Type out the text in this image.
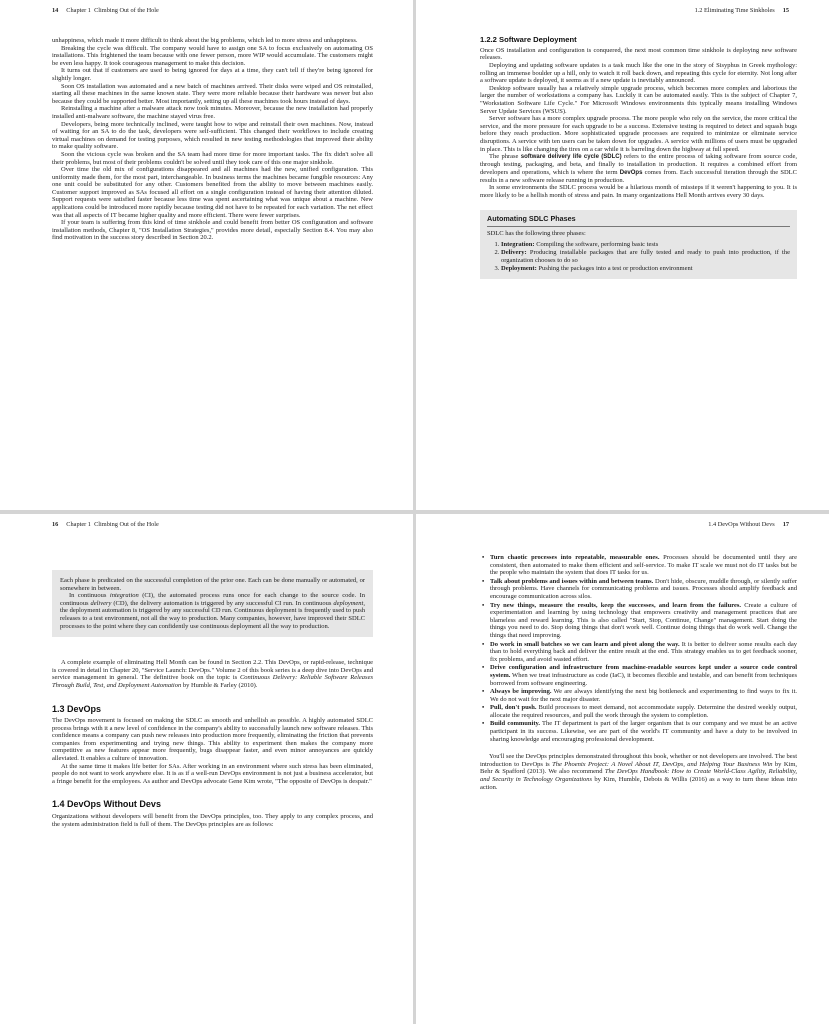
14 Chapter 1
Climbing Out of the Hole

unhappiness, which made it more difficult to think about the big problems, which led to more stress and unhappiness.

Breaking the cycle was difficult. The company would have to assign one SA to focus exclusively on automating OS installations. This frightened the team because with one fewer person, more WIP would accumulate. The customers might be even less happy. It took courageous management to make this decision.

It turns out that if customers are used to being ignored for days at a time, they can't tell if they're being ignored for slightly longer.

Soon OS installation was automated and a new batch of machines arrived. Their disks were wiped and OS reinstalled, starting all these machines in the same known state. They were more reliable because their hardware was newer but also because they could be supported better. Most importantly, setting up all these machines took hours instead of days.

Reinstalling a machine after a malware attack now took minutes. Moreover, because the new installation had properly installed anti-malware software, the machine stayed virus free.

Developers, being more technically inclined, were taught how to wipe and reinstall their own machines. Now, instead of waiting for an SA to do the task, developers were self-sufficient. This changed their workflows to include creating virtual machines on demand for testing purposes, which resulted in new testing methodologies that improved their ability to make quality software.

Soon the vicious cycle was broken and the SA team had more time for more important tasks. The fix didn't solve all their problems, but most of their problems couldn't be solved until they took care of this one major sinkhole.

Over time the old mix of configurations disappeared and all machines had the new, unified configuration. This uniformity made them, for the most part, interchangeable. In business terms the machines became fungible resources: Any one unit could be substituted for any other. Customers benefited from the ability to move between machines easily. Customer support improved as SAs focused all effort on a single configuration instead of having their attention diluted. Support requests were satisfied faster because less time was spent ascertaining what was unique about a machine. New applications could be introduced more rapidly because testing did not have to be repeated for each variation. The net effect was that all aspects of IT became higher quality and more efficient. There were fewer surprises.

If your team is suffering from this kind of time sinkhole and could benefit from better OS configuration and software installation methods, Chapter 8, "OS Installation Strategies," provides more detail, especially Section 8.4. You may also find motivation in the success story described in Section 20.2.

1.2 Eliminating Time Sinkholes 15
1.2.2 Software Deployment

Once OS installation and configuration is conquered, the next most common time sinkhole is deploying new software releases.

Deploying and updating software updates is a task much like the one in the story of Sisyphus in Greek mythology: rolling an immense boulder up a hill, only to watch it roll back down, and repeating this cycle for eternity. Not long after a software update is deployed, it seems as if a new update is inevitably announced.

Desktop software usually has a relatively simple upgrade process, which becomes more complex and laborious the larger the number of workstations a company has. Luckily it can be automated easily. This is the subject of Chapter 7, "Workstation Software Life Cycle." For Microsoft Windows environments this typically means installing Windows Server Update Services (WSUS).

Server software has a more complex upgrade process. The more people who rely on the service, the more critical the service, and the more pressure for each upgrade to be a success. Extensive testing is required to detect and squash bugs before they reach production. More sophisticated upgrade processes are required to minimize or eliminate service disruptions. A service with ten users can be taken down for upgrades. A service with millions of users must be upgraded in place. This is like changing the tires on a car while it is barreling down the highway at full speed.

The phrase software delivery life cycle (SDLC) refers to the entire process of taking software from source code, through testing, packaging, and beta, and finally to installation in production. It requires a combined effort from developers and operations, which is where the term DevOps comes from. Each successful iteration through the SDLC results in a new software release running in production.

In some environments the SDLC process would be a hilarious month of missteps if it weren't happening to you. It is more likely to be a hellish month of stress and pain. In many organizations Hell Month arrives every 30 days.

Automating SDLC Phases

SDLC has the following three phases:

1. Integration: Compiling the software, performing basic tests
2. Delivery: Producing installable packages that are fully tested and ready to push into production, if the organization chooses to do so
3. Deployment: Pushing the packages into a test or production environment
16 Chapter 1
Climbing Out of the Hole

Each phase is predicated on the successful completion of the prior one. Each can be done manually or automated, or somewhere in between.

In continuous integration (CI), the automated process runs once for each change to the source code. In continuous delivery (CD), the delivery automation is triggered by any successful CI run. In continuous deployment, the deployment automation is triggered by any successful CD run. Continuous deployment is frequently used to push releases to a test environment, not all the way to production. Many companies, however, have improved their SDLC processes to the point where they can confidently use continuous deployment all the way to production.

A complete example of eliminating Hell Month can be found in Section 2.2. This DevOps, or rapid-release, technique is covered in detail in Chapter 20, "Service Launch: DevOps." Volume 2 of this book series is a deep dive into DevOps and service management in general. The definitive book on the topic is Continuous Delivery: Reliable Software Releases Through Build, Test, and Deployment Automation by Humble & Farley (2010).

1.3 DevOps

The DevOps movement is focused on making the SDLC as smooth and unhellish as possible. A highly automated SDLC process brings with it a new level of confidence in the company's ability to successfully launch new software releases. This confidence means a company can push new releases into production more frequently, eliminating the friction that prevents companies from experimenting and trying new things. This ability to experiment then makes the company more competitive as new features appear more frequently, bugs disappear faster, and even minor annoyances are quickly alleviated. It enables a culture of innovation.

At the same time it makes life better for SAs. After working in an environment where such stress has been eliminated, people do not want to work anywhere else. It is as if a well-run DevOps environment is not just a business accelerator, but a fringe benefit for the employees. As author and DevOps advocate Gene Kim wrote, "The opposite of DevOps is despair."

1.4 DevOps Without Devs

Organizations without developers will benefit from the DevOps principles, too. They apply to any complex process, and the system administration field is full of them. The DevOps principles are as follows:

1.4 DevOps Without Devs 17
• Turn chaotic processes into repeatable, measurable ones. Processes should be documented until they are consistent, then automated to make them efficient and self-service. To make IT scale we must not do IT tasks but be the people who maintain the system that does IT tasks for us.
• Talk about problems and issues within and between teams. Don't hide, obscure, muddle through, or silently suffer through problems. Have channels for communicating problems and issues. Processes should amplify feedback and encourage communication across silos.
• Try new things, measure the results, keep the successes, and learn from the failures. Create a culture of experimentation and learning by using technology that empowers creativity and management practices that are blameless and reward learning. This is also called "Start, Stop, Continue, Change" management. Start doing the things you need to do. Stop doing things that don't work well. Continue doing things that do work well. Change the things that need improving.
• Do work in small batches so we can learn and pivot along the way. It is better to deliver some results each day than to hold everything back and deliver the entire result at the end. This strategy enables us to get feedback sooner, fix problems, and avoid wasted effort.
• Drive configuration and infrastructure from machine-readable sources kept under a source code control system. When we treat infrastructure as code (IaC), it becomes flexible and testable, and can benefit from techniques borrowed from software engineering.
• Always be improving. We are always identifying the next big bottleneck and experimenting to find ways to fix it. We do not wait for the next major disaster.
• Pull, don't push. Build processes to meet demand, not accommodate supply. Determine the desired weekly output, allocate the required resources, and pull the work through the system to completion.
• Build community. The IT department is part of the larger organism that is our company and we must be an active participant in its success. Likewise, we are part of the world's IT community and have a duty to be involved in sharing knowledge and encouraging professional development.

You'll see the DevOps principles demonstrated throughout this book, whether or not developers are involved. The best introduction to DevOps is The Phoenix Project: A Novel About IT, DevOps, and Helping Your Business Win by Kim, Behr & Spafford (2013). We also recommend The DevOps Handbook: How to Create World-Class Agility, Reliability, and Security in Technology Organizations by Kim, Humble, Debois & Willis (2016) as a way to turn these ideas into action.
